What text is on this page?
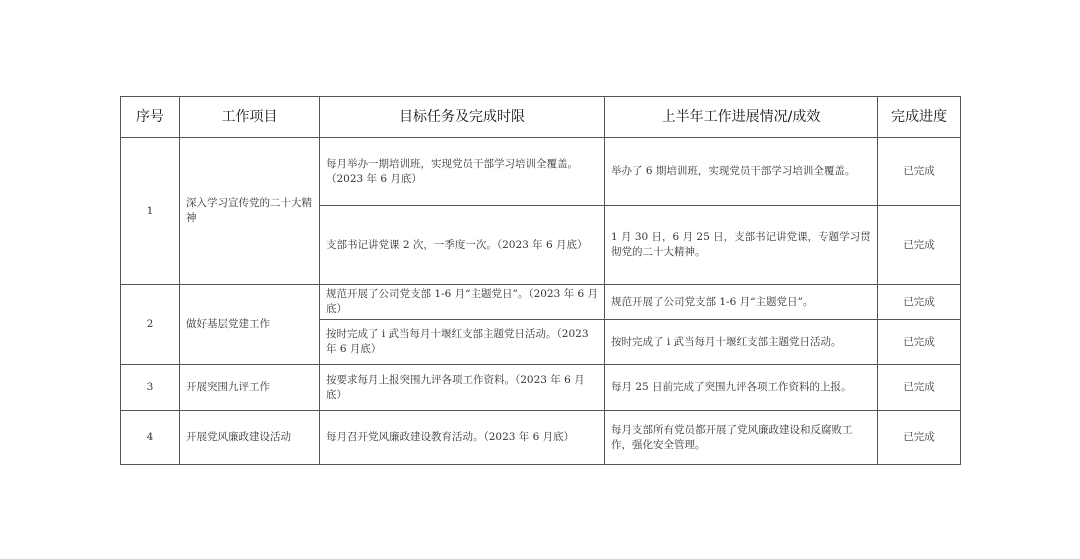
序号	工作项目	目标任务及完成时限	上半年工作进展情况/成效	完成进度
1	深入学习宣传党的二十大精神	每月举办一期培训班，实现党员干部学习培训全覆盖。（2023 年 6 月底）	举办了 6 期培训班，实现党员干部学习培训全覆盖。	已完成
		支部书记讲党课 2 次，一季度一次。（2023 年 6 月底）	1 月 30 日，6 月 25 日，支部书记讲党课，专题学习贯彻党的二十大精神。	已完成
2	做好基层党建工作	规范开展了公司党支部 1-6 月“主题党日”。（2023 年 6 月底）	规范开展了公司党支部 1-6 月“主题党日”。	已完成
		按时完成了 i 武当每月十堰红支部主题党日活动。（2023 年 6 月底）	按时完成了 i 武当每月十堰红支部主题党日活动。	已完成
3	开展突围九评工作	按要求每月上报突围九评各项工作资料。（2023 年 6 月底）	每月 25 日前完成了突围九评各项工作资料的上报。	已完成
4	开展党风廉政建设活动	每月召开党风廉政建设教育活动。（2023 年 6 月底）	每月支部所有党员都开展了党风廉政建设和反腐败工作，强化安全管理。	已完成
